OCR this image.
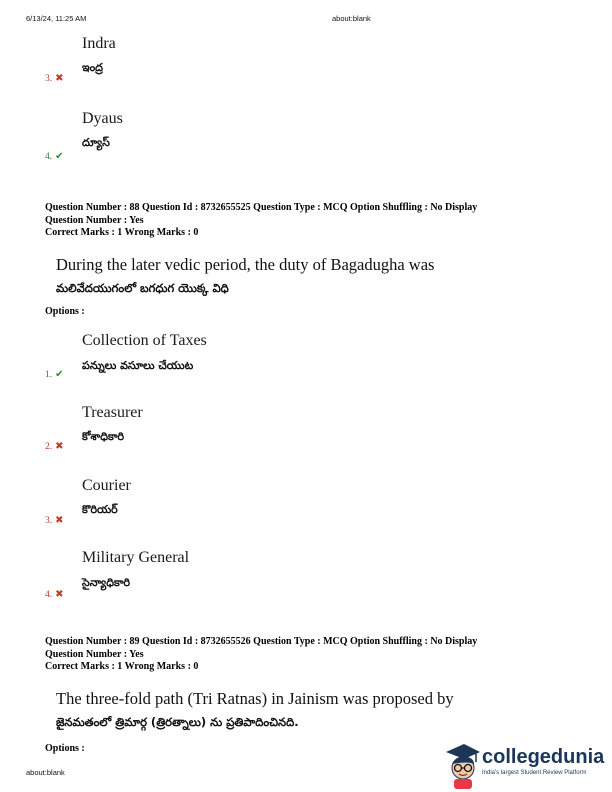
6/13/24, 11:25 AM	about:blank
Indra
ఇంద్ర
3. ✖
Dyaus
ద్యూస్
4. ✔
Question Number : 88 Question Id : 8732655525 Question Type : MCQ Option Shuffling : No Display
Question Number : Yes
Correct Marks : 1 Wrong Marks : 0
During the later vedic period, the duty of Bagadugha was
మలివేదయుగంలో బగధుగ యొక్క విధి
Options :
Collection of Taxes
పన్నులు వసూలు చేయుట
1. ✔
Treasurer
కోశాధికారి
2. ✖
Courier
కొరియర్
3. ✖
Military General
సైన్యాధికారి
4. ✖
Question Number : 89 Question Id : 8732655526 Question Type : MCQ Option Shuffling : No Display
Question Number : Yes
Correct Marks : 1 Wrong Marks : 0
The three-fold path (Tri Ratnas) in Jainism was proposed by
జైనమతంలో త్రిమార్గ (త్రిరత్నాలు) ను ప్రతిపాదించినది.
Options :
about:blank
collegedunia
India's largest Student Review Platform
